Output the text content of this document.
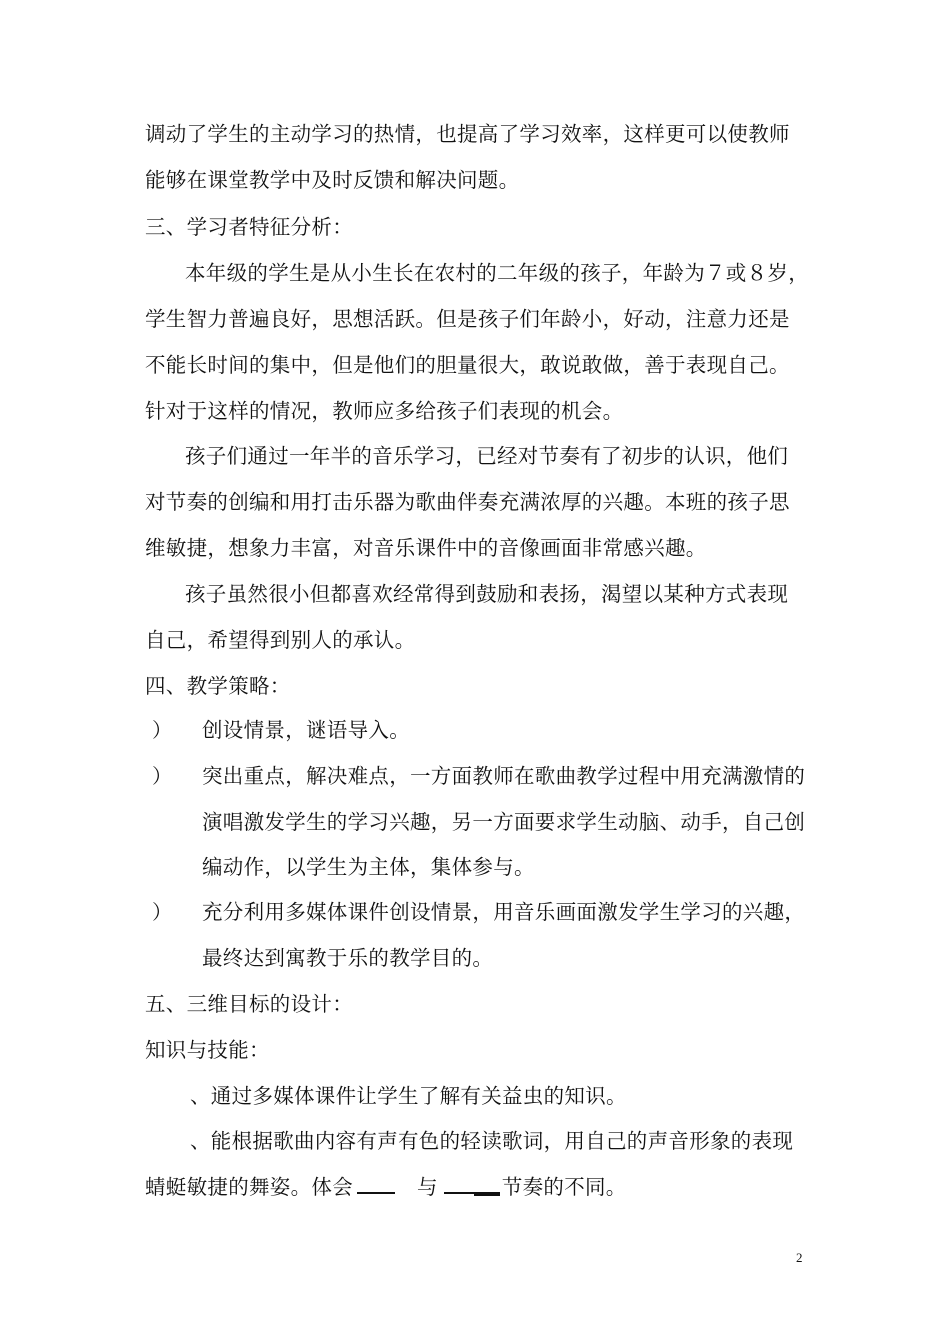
调动了学生的主动学习的热情，也提高了学习效率，这样更可以使教师
能够在课堂教学中及时反馈和解决问题。
三、学习者特征分析：
本年级的学生是从小生长在农村的二年级的孩子，年龄为７或８岁，
学生智力普遍良好，思想活跃。但是孩子们年龄小，好动，注意力还是
不能长时间的集中，但是他们的胆量很大，敢说敢做，善于表现自己。
针对于这样的情况，教师应多给孩子们表现的机会。
孩子们通过一年半的音乐学习，已经对节奏有了初步的认识，他们
对节奏的创编和用打击乐器为歌曲伴奏充满浓厚的兴趣。本班的孩子思
维敏捷，想象力丰富，对音乐课件中的音像画面非常感兴趣。
孩子虽然很小但都喜欢经常得到鼓励和表扬，渴望以某种方式表现
自己，希望得到别人的承认。
四、教学策略：
） 创设情景，谜语导入。
） 突出重点，解决难点，一方面教师在歌曲教学过程中用充满激情的
演唱激发学生的学习兴趣，另一方面要求学生动脑、动手，自己创
编动作，以学生为主体，集体参与。
） 充分利用多媒体课件创设情景，用音乐画面激发学生学习的兴趣，
最终达到寓教于乐的教学目的。
五、三维目标的设计：
知识与技能：
、通过多媒体课件让学生了解有关益虫的知识。
、能根据歌曲内容有声有色的轻读歌词，用自己的声音形象的表现
蜻蜓敏捷的舞姿。体会	与	节奏的不同。
2
